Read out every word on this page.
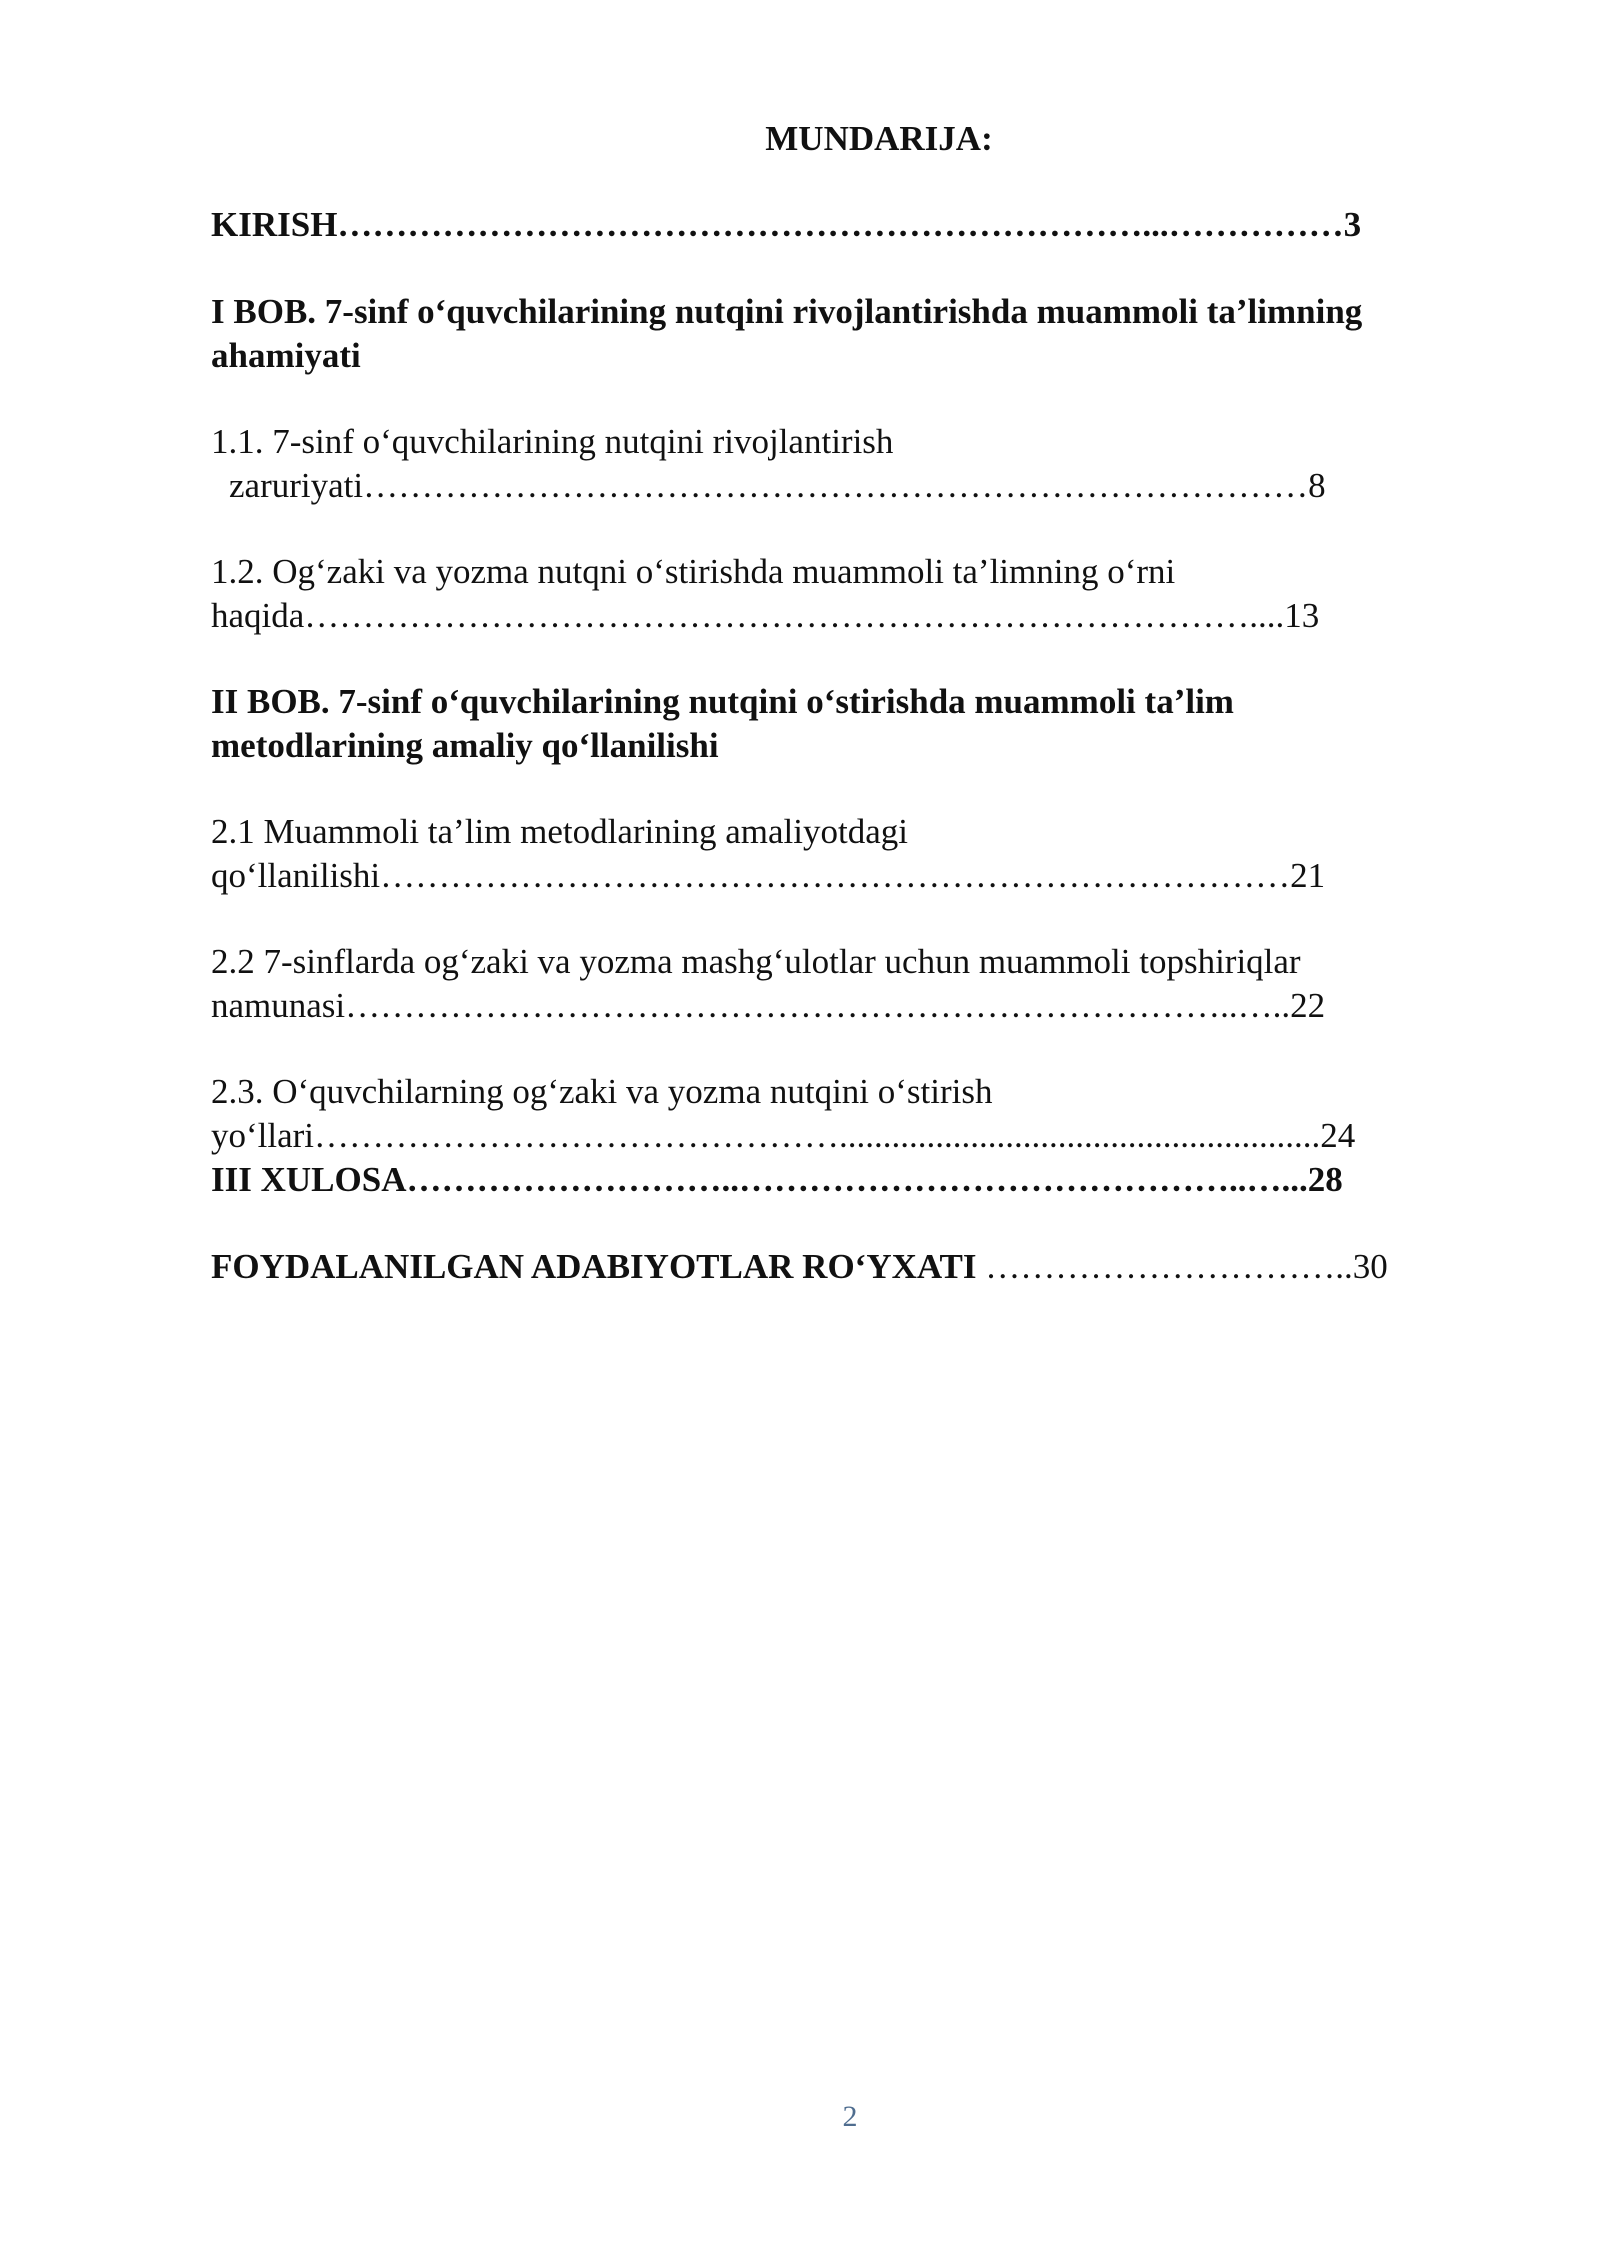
MUNDARIJA:
KIRISH……………………………………………………………...……………3
I BOB. 7-sinf o‘quvchilarining nutqini rivojlantirishda muammoli ta’limning
ahamiyati
1.1. 7-sinf o‘quvchilarining nutqini rivojlantirish
zaruriyati………………………………………………………………………8
1.2. Og‘zaki va yozma nutqni o‘stirishda muammoli ta’limning o‘rni
haqida………………………………………………………………………....13
II BOB. 7-sinf o‘quvchilarining nutqini o‘stirishda muammoli ta’lim
metodlarining amaliy qo‘llanilishi
2.1 Muammoli ta’lim metodlarining amaliyotdagi
qo‘llanilishi……………………………………………………………………21
2.2 7-sinflarda og‘zaki va yozma mashg‘ulotlar uchun muammoli topshiriqlar
namunasi…………………………………………………………………..…..22
2.3. O‘quvchilarning og‘zaki va yozma nutqini o‘stirish
yo‘llari……………………………………….......................................................24
III XULOSA………………………..……………………………………..…...28
FOYDALANILGAN ADABIYOTLAR RO‘YXATI …………………………..30
2
